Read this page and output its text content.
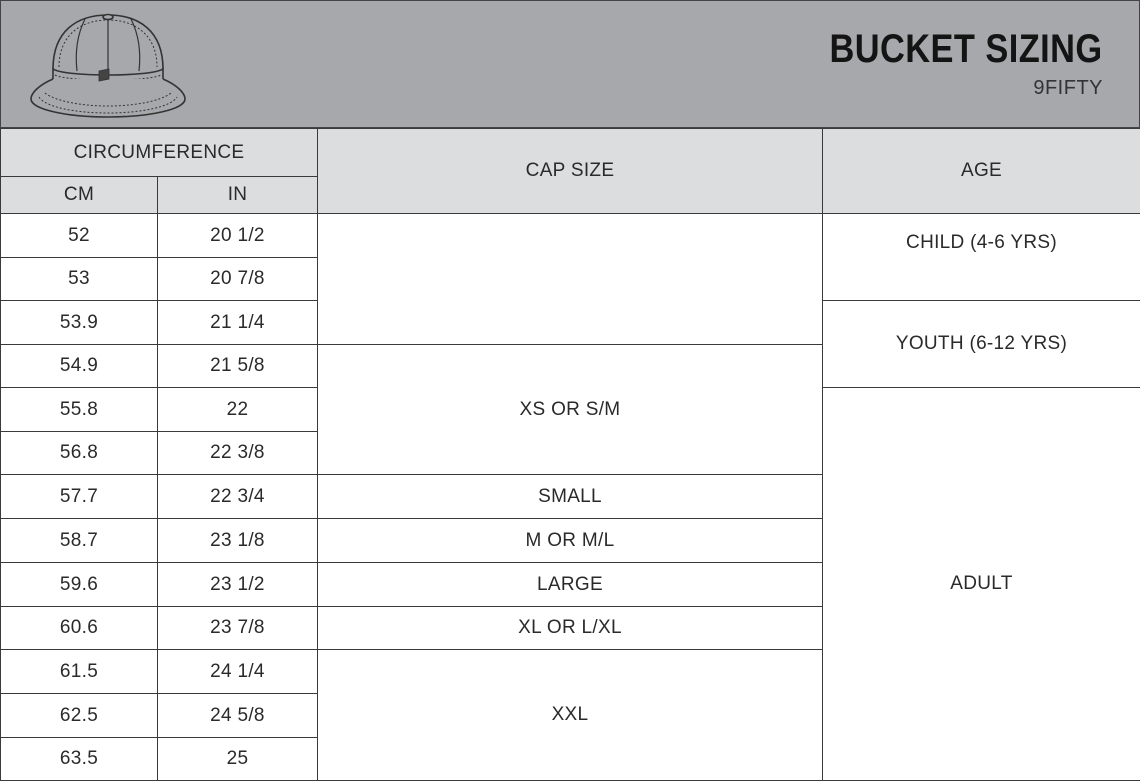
BUCKET SIZING
9FIFTY
CIRCUMFERENCE		CAP SIZE	AGE
CM	IN		
52	20 1/2		CHILD (4-6 YRS)
53	20 7/8		
53.9	21 1/4		YOUTH (6-12 YRS)
54.9	21 5/8	XS OR S/M	
55.8	22		ADULT
56.8	22 3/8		
57.7	22 3/4	SMALL	
58.7	23 1/8	M OR M/L	
59.6	23 1/2	LARGE	
60.6	23 7/8	XL OR L/XL	
61.5	24 1/4	XXL	
62.5	24 5/8		
63.5	25		
